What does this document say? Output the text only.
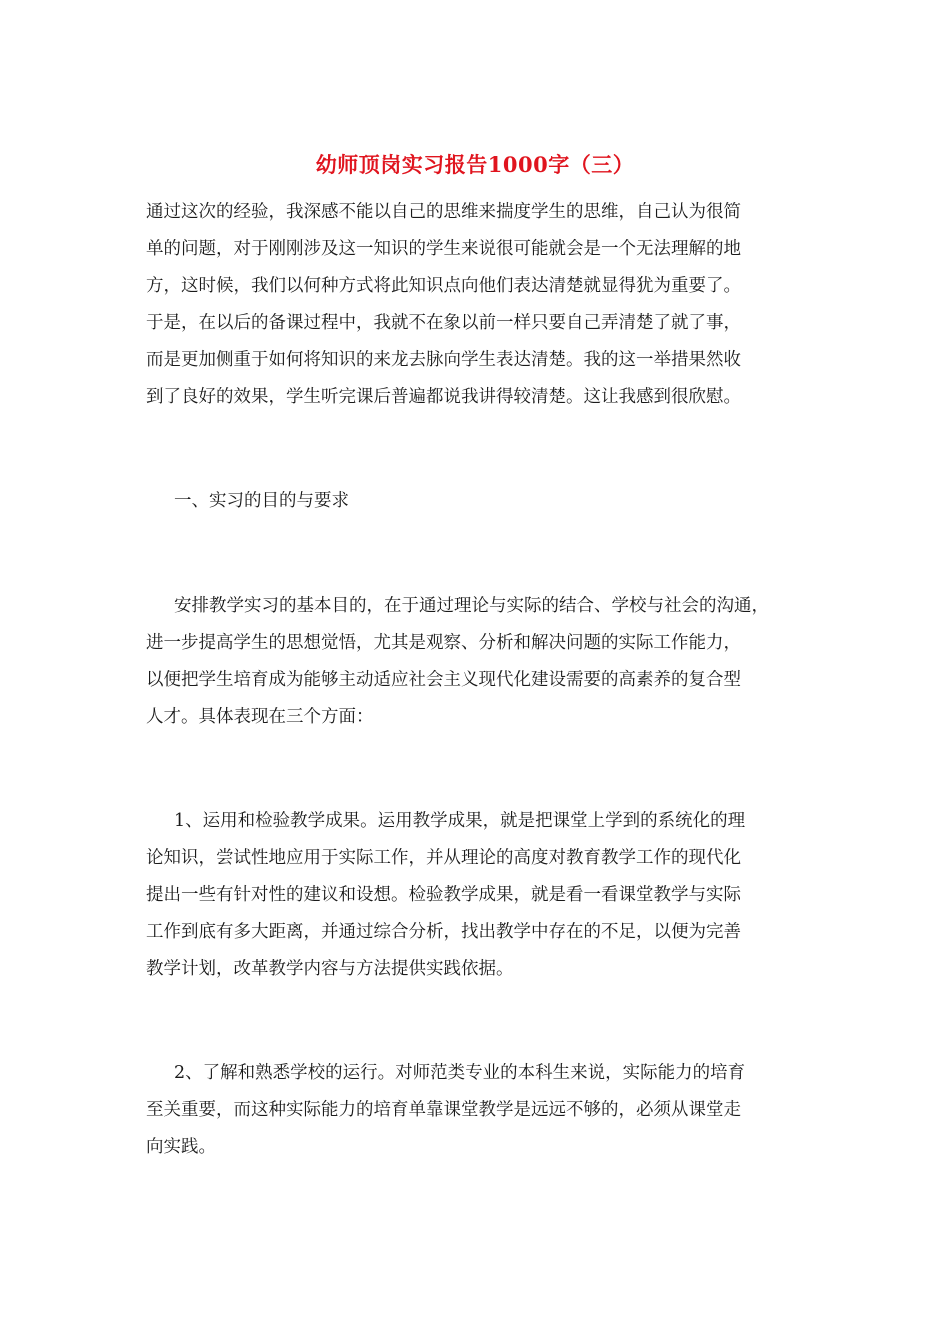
幼师顶岗实习报告1000字（三）
通过这次的经验，我深感不能以自己的思维来揣度学生的思维，自己认为很简
单的问题，对于刚刚涉及这一知识的学生来说很可能就会是一个无法理解的地
方，这时候，我们以何种方式将此知识点向他们表达清楚就显得犹为重要了。
于是，在以后的备课过程中，我就不在象以前一样只要自己弄清楚了就了事，
而是更加侧重于如何将知识的来龙去脉向学生表达清楚。我的这一举措果然收
到了良好的效果，学生听完课后普遍都说我讲得较清楚。这让我感到很欣慰。
一、实习的目的与要求
安排教学实习的基本目的，在于通过理论与实际的结合、学校与社会的沟通，
进一步提高学生的思想觉悟，尤其是观察、分析和解决问题的实际工作能力，
以便把学生培育成为能够主动适应社会主义现代化建设需要的高素养的复合型
人才。具体表现在三个方面：
1、运用和检验教学成果。运用教学成果，就是把课堂上学到的系统化的理
论知识，尝试性地应用于实际工作，并从理论的高度对教育教学工作的现代化
提出一些有针对性的建议和设想。检验教学成果，就是看一看课堂教学与实际
工作到底有多大距离，并通过综合分析，找出教学中存在的不足，以便为完善
教学计划，改革教学内容与方法提供实践依据。
2、了解和熟悉学校的运行。对师范类专业的本科生来说，实际能力的培育
至关重要，而这种实际能力的培育单靠课堂教学是远远不够的，必须从课堂走
向实践。
